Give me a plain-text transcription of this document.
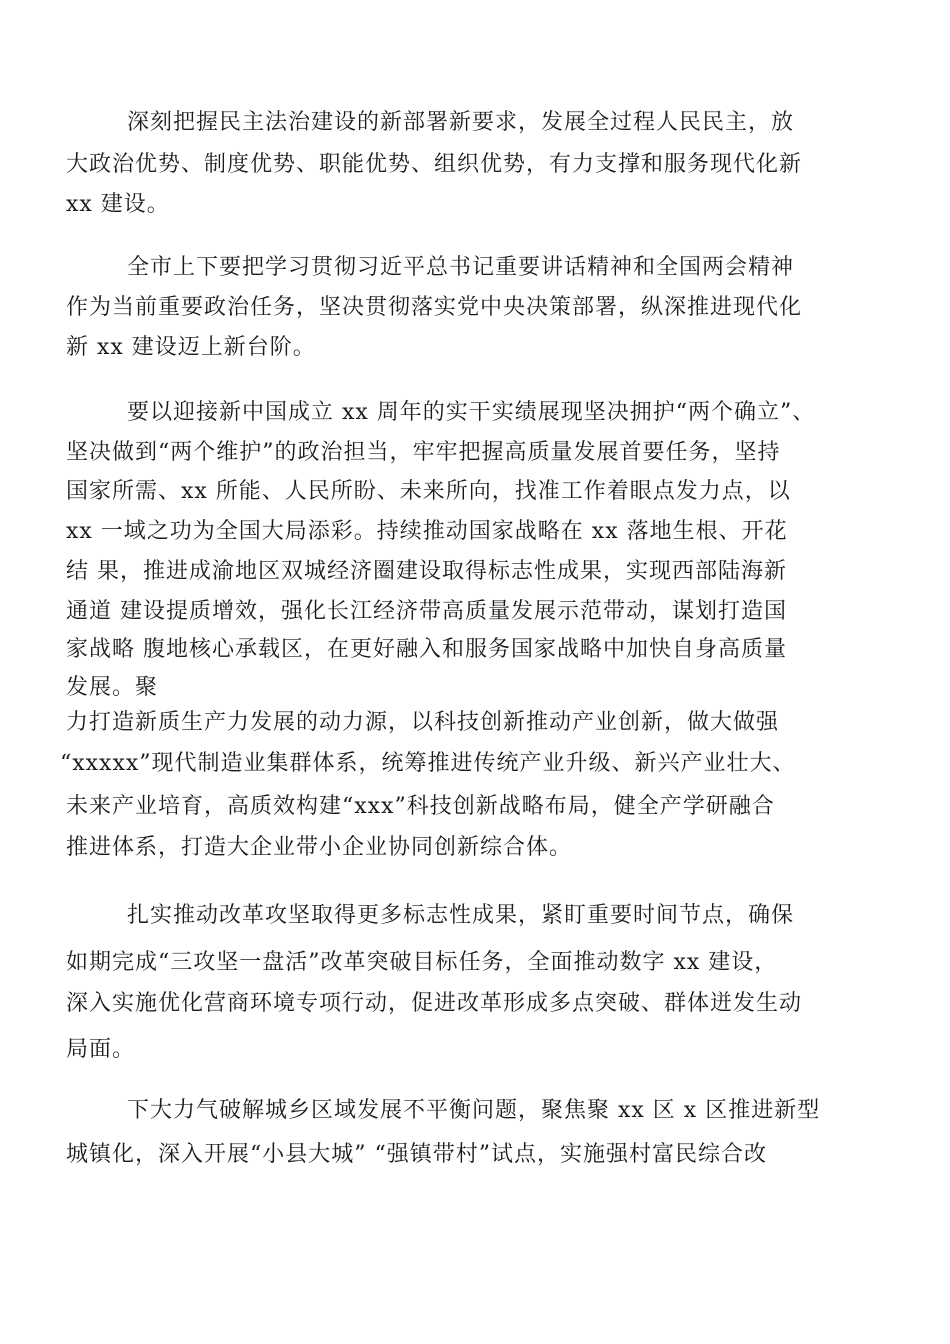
深刻把握民主法治建设的新部署新要求，发展全过程人民民主，放
大政治优势、制度优势、职能优势、组织优势，有力支撑和服务现代化新
xx 建设。
全市上下要把学习贯彻习近平总书记重要讲话精神和全国两会精神
作为当前重要政治任务，坚决贯彻落实党中央决策部署，纵深推进现代化
新 xx 建设迈上新台阶。
要以迎接新中国成立 xx 周年的实干实绩展现坚决拥护“两个确立”、
坚决做到“两个维护”的政治担当，牢牢把握高质量发展首要任务，坚持
国家所需、xx 所能、人民所盼、未来所向，找准工作着眼点发力点，以
xx 一域之功为全国大局添彩。持续推动国家战略在 xx 落地生根、开花
结 果，推进成渝地区双城经济圈建设取得标志性成果，实现西部陆海新
通道 建设提质增效，强化长江经济带高质量发展示范带动，谋划打造国
家战略 腹地核心承载区，在更好融入和服务国家战略中加快自身高质量
发展。聚
力打造新质生产力发展的动力源，以科技创新推动产业创新，做大做强
“xxxxx”现代制造业集群体系，统筹推进传统产业升级、新兴产业壮大、
未来产业培育，高质效构建“xxx”科技创新战略布局，健全产学研融合
推进体系，打造大企业带小企业协同创新综合体。
扎实推动改革攻坚取得更多标志性成果，紧盯重要时间节点，确保
如期完成“三攻坚一盘活”改革突破目标任务，全面推动数字 xx 建设，
深入实施优化营商环境专项行动，促进改革形成多点突破、群体迸发生动
局面。
下大力气破解城乡区域发展不平衡问题，聚焦聚 xx 区 x 区推进新型
城镇化，深入开展“小县大城” “强镇带村”试点，实施强村富民综合改
